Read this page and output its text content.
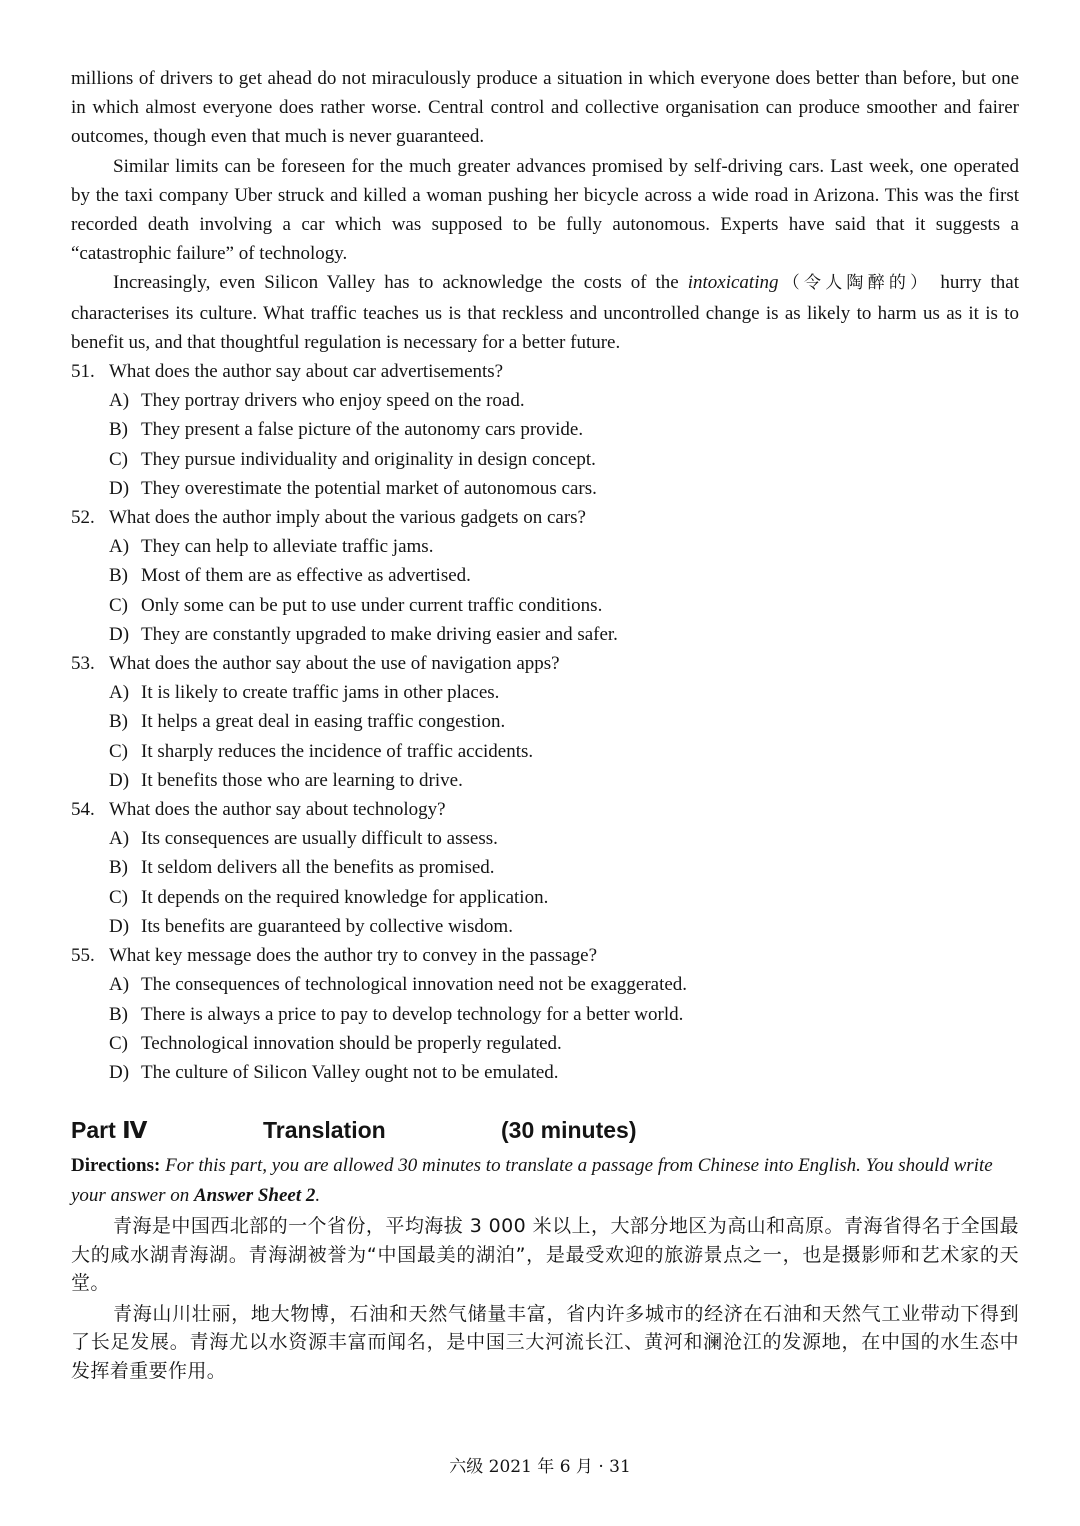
millions of drivers to get ahead do not miraculously produce a situation in which everyone does better than before, but one in which almost everyone does rather worse. Central control and collective organisation can produce smoother and fairer outcomes, though even that much is never guaranteed.

Similar limits can be foreseen for the much greater advances promised by self-driving cars. Last week, one operated by the taxi company Uber struck and killed a woman pushing her bicycle across a wide road in Arizona. This was the first recorded death involving a car which was supposed to be fully autonomous. Experts have said that it suggests a “catastrophic failure” of technology.

Increasingly, even Silicon Valley has to acknowledge the costs of the intoxicating（令人陶醉的） hurry that characterises its culture. What traffic teaches us is that reckless and uncontrolled change is as likely to harm us as it is to benefit us, and that thoughtful regulation is necessary for a better future.

51. What does the author say about car advertisements?

A) They portray drivers who enjoy speed on the road.

B) They present a false picture of the autonomy cars provide.

C) They pursue individuality and originality in design concept.

D) They overestimate the potential market of autonomous cars.

52. What does the author imply about the various gadgets on cars?

A) They can help to alleviate traffic jams.

B) Most of them are as effective as advertised.

C) Only some can be put to use under current traffic conditions.

D) They are constantly upgraded to make driving easier and safer.

53. What does the author say about the use of navigation apps?

A) It is likely to create traffic jams in other places.

B) It helps a great deal in easing traffic congestion.

C) It sharply reduces the incidence of traffic accidents.

D) It benefits those who are learning to drive.

54. What does the author say about technology?

A) Its consequences are usually difficult to assess.

B) It seldom delivers all the benefits as promised.

C) It depends on the required knowledge for application.

D) Its benefits are guaranteed by collective wisdom.

55. What key message does the author try to convey in the passage?

A) The consequences of technological innovation need not be exaggerated.

B) There is always a price to pay to develop technology for a better world.

C) Technological innovation should be properly regulated.

D) The culture of Silicon Valley ought not to be emulated.

Part Ⅳ	Translation	(30 minutes)

Directions: For this part, you are allowed 30 minutes to translate a passage from Chinese into English. You should write your answer on Answer Sheet 2.

青海是中国西北部的一个省份，平均海拔 3 000 米以上，大部分地区为高山和高原。青海省得名于全国最大的咸水湖青海湖。青海湖被誉为“中国最美的湖泊”，是最受欢迎的旅游景点之一，也是摄影师和艺术家的天堂。

青海山川壮丽，地大物博，石油和天然气储量丰富，省内许多城市的经济在石油和天然气工业带动下得到了长足发展。青海尤以水资源丰富而闻名，是中国三大河流长江、黄河和澜沧江的发源地，在中国的水生态中发挥着重要作用。

六级 2021 年 6 月 · 31
